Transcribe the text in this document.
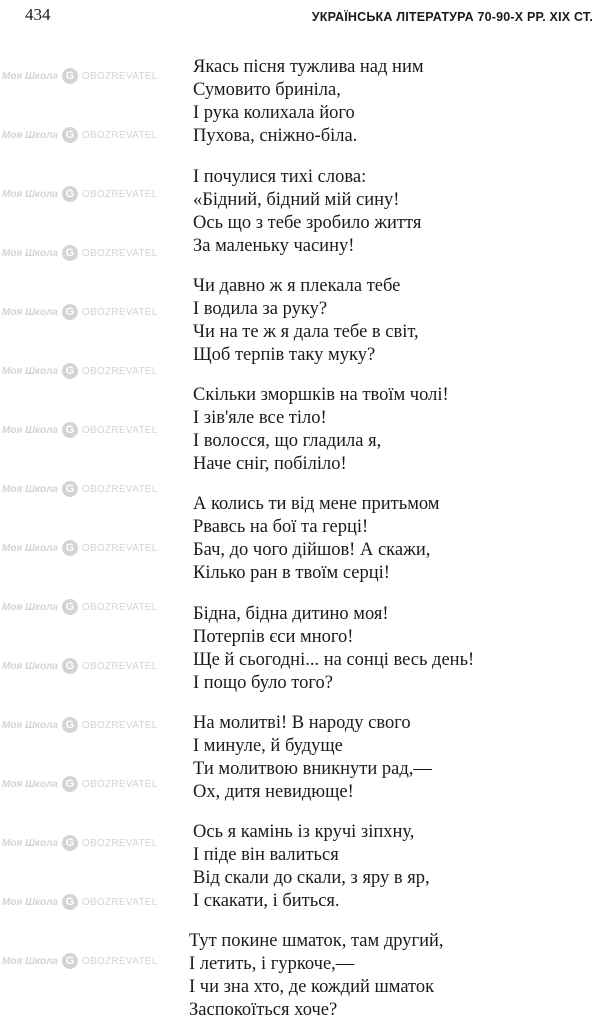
Моя Школа G OBOZREVATEL
Моя Школа G OBOZREVATEL
Моя Школа G OBOZREVATEL
Моя Школа G OBOZREVATEL
Моя Школа G OBOZREVATEL
Моя Школа G OBOZREVATEL
Моя Школа G OBOZREVATEL
Моя Школа G OBOZREVATEL
Моя Школа G OBOZREVATEL
Моя Школа G OBOZREVATEL
Моя Школа G OBOZREVATEL
Моя Школа G OBOZREVATEL
Моя Школа G OBOZREVATEL
Моя Школа G OBOZREVATEL
Моя Школа G OBOZREVATEL
Моя Школа G OBOZREVATEL
434	УКРАЇНСЬКА ЛІТЕРАТУРА 70-90-Х РР. XIX СТ.
Якась пісня тужлива над ним
Сумовито бриніла,
І рука колихала його
Пухова, сніжно-біла.
І почулися тихі слова:
«Бідний, бідний мій сину!
Ось що з тебе зробило життя
За маленьку часину!
Чи давно ж я плекала тебе
І водила за руку?
Чи на те ж я дала тебе в світ,
Щоб терпів таку муку?
Скільки зморшків на твоїм чолі!
І зів'яле все тіло!
І волосся, що гладила я,
Наче сніг, побіліло!
А колись ти від мене притьмом
Рвавсь на бої та герці!
Бач, до чого дійшов! А скажи,
Кілько ран в твоїм серці!
Бідна, бідна дитино моя!
Потерпів єси много!
Ще й сьогодні... на сонці весь день!
І пощо було того?
На молитві! В народу свого
І минуле, й будуще
Ти молитвою вникнути рад,—
Ох, дитя невидюще!
Ось я камінь із кручі зіпхну,
І піде він валиться
Від скали до скали, з яру в яр,
І скакати, і биться.
Тут покине шматок, там другий,
І летить, і гуркоче,—
І чи зна хто, де кождий шматок
Заспокоїться хоче?
